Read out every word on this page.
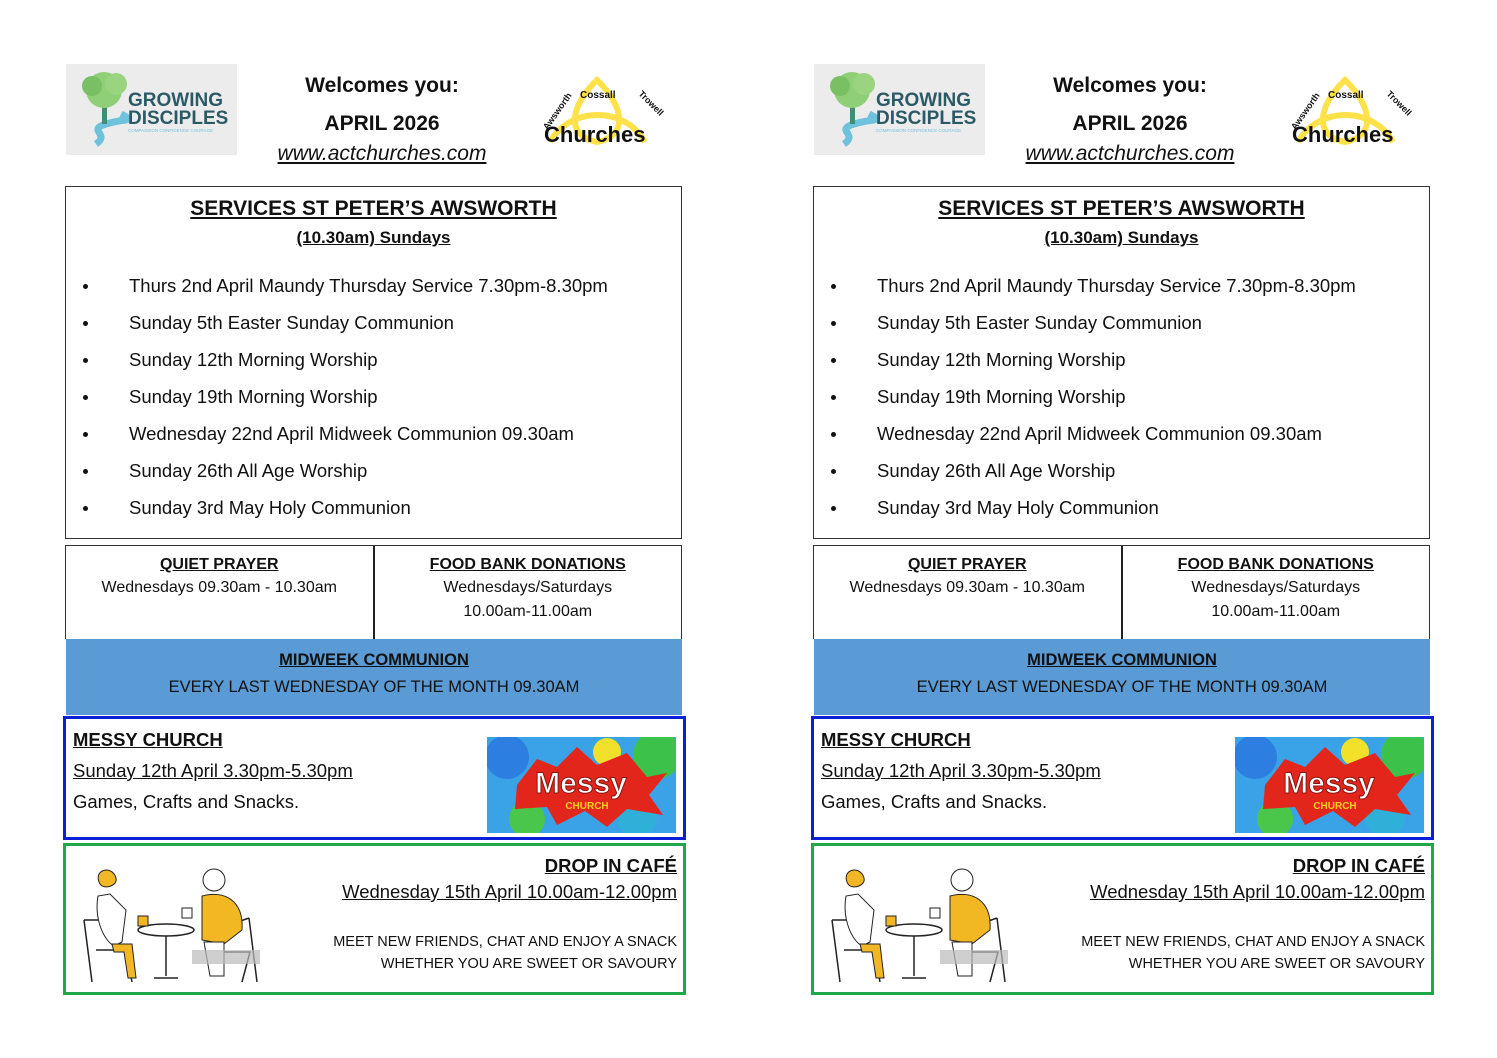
GROWING
DISCIPLES
COMPASSION CONFIDENCE COURAGE
Welcomes you:
APRIL 2026
www.actchurches.com
Awsworth Cossall Trowell
Churches
SERVICES ST PETER’S AWSWORTH
(10.30am) Sundays
Thurs 2nd April Maundy Thursday Service 7.30pm-8.30pm
Sunday 5th Easter Sunday Communion
Sunday 12th Morning Worship
Sunday 19th Morning Worship
Wednesday 22nd April Midweek Communion 09.30am
Sunday 26th All Age Worship
Sunday 3rd May Holy Communion
QUIET PRAYER

Wednesdays 09.30am - 10.30am

FOOD BANK DONATIONS

Wednesdays/Saturdays

10.00am-11.00am

MIDWEEK COMMUNION

EVERY LAST WEDNESDAY OF THE MONTH 09.30AM

MESSY CHURCH
Sunday 12th April 3.30pm-5.30pm
Games, Crafts and Snacks.
Messy
CHURCH
DROP IN CAFÉ
Wednesday 15th April 10.00am-12.00pm
MEET NEW FRIENDS, CHAT AND ENJOY A SNACK
WHETHER YOU ARE SWEET OR SAVOURY
GROWING
DISCIPLES
COMPASSION CONFIDENCE COURAGE
Welcomes you:
APRIL 2026
www.actchurches.com
Awsworth Cossall Trowell
Churches
SERVICES ST PETER’S AWSWORTH
(10.30am) Sundays
Thurs 2nd April Maundy Thursday Service 7.30pm-8.30pm
Sunday 5th Easter Sunday Communion
Sunday 12th Morning Worship
Sunday 19th Morning Worship
Wednesday 22nd April Midweek Communion 09.30am
Sunday 26th All Age Worship
Sunday 3rd May Holy Communion
QUIET PRAYER

Wednesdays 09.30am - 10.30am

FOOD BANK DONATIONS

Wednesdays/Saturdays

10.00am-11.00am

MIDWEEK COMMUNION

EVERY LAST WEDNESDAY OF THE MONTH 09.30AM

MESSY CHURCH
Sunday 12th April 3.30pm-5.30pm
Games, Crafts and Snacks.
Messy
CHURCH
DROP IN CAFÉ
Wednesday 15th April 10.00am-12.00pm
MEET NEW FRIENDS, CHAT AND ENJOY A SNACK
WHETHER YOU ARE SWEET OR SAVOURY
